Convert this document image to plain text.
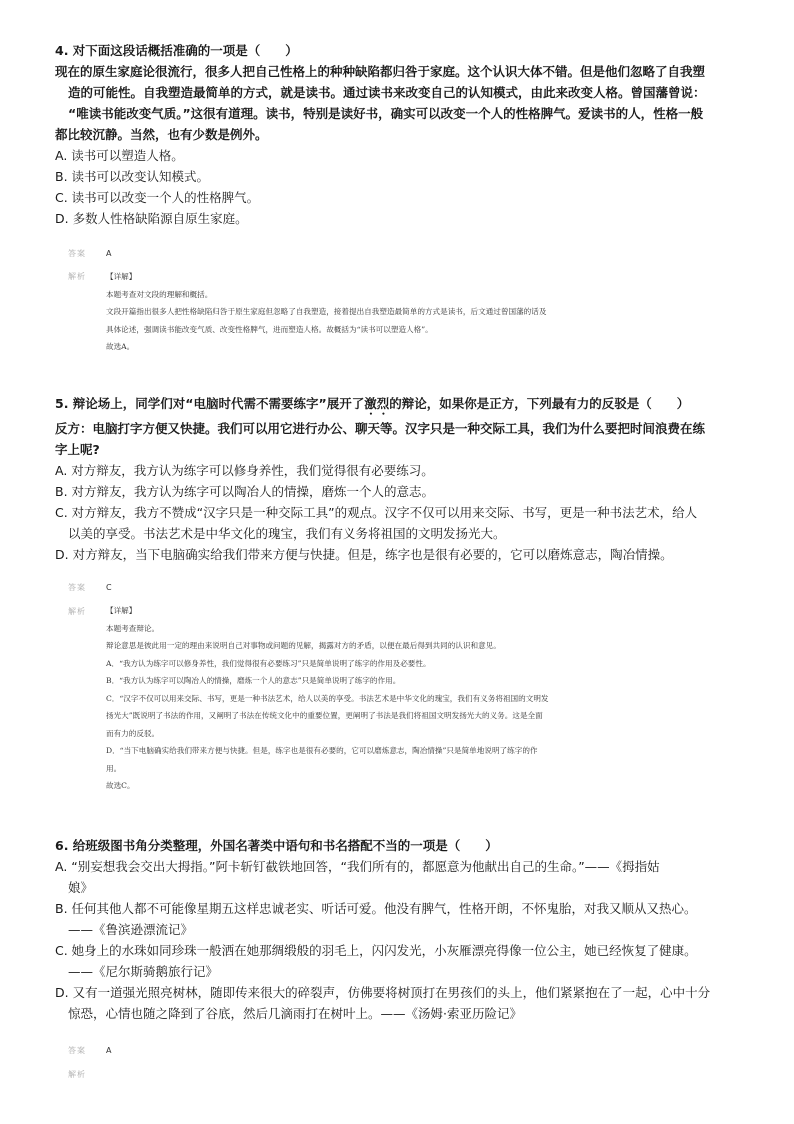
4. 对下面这段话概括准确的一项是（　　）
现在的原生家庭论很流行，很多人把自己性格上的种种缺陷都归咎于家庭。这个认识大体不错。但是他们忽略了自我塑
造的可能性。自我塑造最简单的方式，就是读书。通过读书来改变自己的认知模式，由此来改变人格。曾国藩曾说：
“唯读书能改变气质。”这很有道理。读书，特别是读好书，确实可以改变一个人的性格脾气。爱读书的人，性格一般
都比较沉静。当然，也有少数是例外。
A. 读书可以塑造人格。
B. 读书可以改变认知模式。
C. 读书可以改变一个人的性格脾气。
D. 多数人性格缺陷源自原生家庭。
答案	A
解析	【详解】
本题考查对文段的理解和概括。
文段开篇指出很多人把性格缺陷归咎于原生家庭但忽略了自我塑造，接着提出自我塑造最简单的方式是读书，后文通过曾国藩的话及
具体论述，强调读书能改变气质、改变性格脾气，进而塑造人格。故概括为“读书可以塑造人格”。
故选A。
5. 辩论场上，同学们对“电脑时代需不需要练字”展开了激烈的辩论，如果你是正方，下列最有力的反驳是（　　）
反方：电脑打字方便又快捷。我们可以用它进行办公、聊天等。汉字只是一种交际工具，我们为什么要把时间浪费在练
字上呢?
A. 对方辩友，我方认为练字可以修身养性，我们觉得很有必要练习。
B. 对方辩友，我方认为练字可以陶冶人的情操，磨炼一个人的意志。
C. 对方辩友，我方不赞成“汉字只是一种交际工具”的观点。汉字不仅可以用来交际、书写，更是一种书法艺术，给人
以美的享受。书法艺术是中华文化的瑰宝，我们有义务将祖国的文明发扬光大。
D. 对方辩友，当下电脑确实给我们带来方便与快捷。但是，练字也是很有必要的，它可以磨炼意志，陶冶情操。
答案	C
解析	【详解】
本题考查辩论。
辩论意思是彼此用一定的理由来说明自己对事物或问题的见解，揭露对方的矛盾，以便在最后得到共同的认识和意见。
A．“我方认为练字可以修身养性，我们觉得很有必要练习”只是简单说明了练字的作用及必要性。
B．“我方认为练字可以陶冶人的情操，磨炼一个人的意志”只是简单说明了练字的作用。
C．“汉字不仅可以用来交际、书写，更是一种书法艺术，给人以美的享受。书法艺术是中华文化的瑰宝，我们有义务将祖国的文明发
扬光大”既说明了书法的作用，又阐明了书法在传统文化中的重要位置，更阐明了书法是我们将祖国文明发扬光大的义务。这是全面
而有力的反驳。
D．“当下电脑确实给我们带来方便与快捷。但是，练字也是很有必要的，它可以磨炼意志，陶冶情操”只是简单地说明了练字的作
用。
故选C。
6. 给班级图书角分类整理，外国名著类中语句和书名搭配不当的一项是（　　）
A. “别妄想我会交出大拇指。”阿卡斩钉截铁地回答，“我们所有的，都愿意为他献出自己的生命。”——《拇指姑
娘》
B. 任何其他人都不可能像星期五这样忠诚老实、听话可爱。他没有脾气，性格开朗，不怀鬼胎，对我又顺从又热心。
——《鲁滨逊漂流记》
C. 她身上的水珠如同珍珠一般洒在她那绸缎般的羽毛上，闪闪发光，小灰雁漂亮得像一位公主，她已经恢复了健康。
——《尼尔斯骑鹅旅行记》
D. 又有一道强光照亮树林，随即传来很大的碎裂声，仿佛要将树顶打在男孩们的头上，他们紧紧抱在了一起，心中十分
惊恐，心情也随之降到了谷底，然后几滴雨打在树叶上。——《汤姆·索亚历险记》
答案	A
解析
